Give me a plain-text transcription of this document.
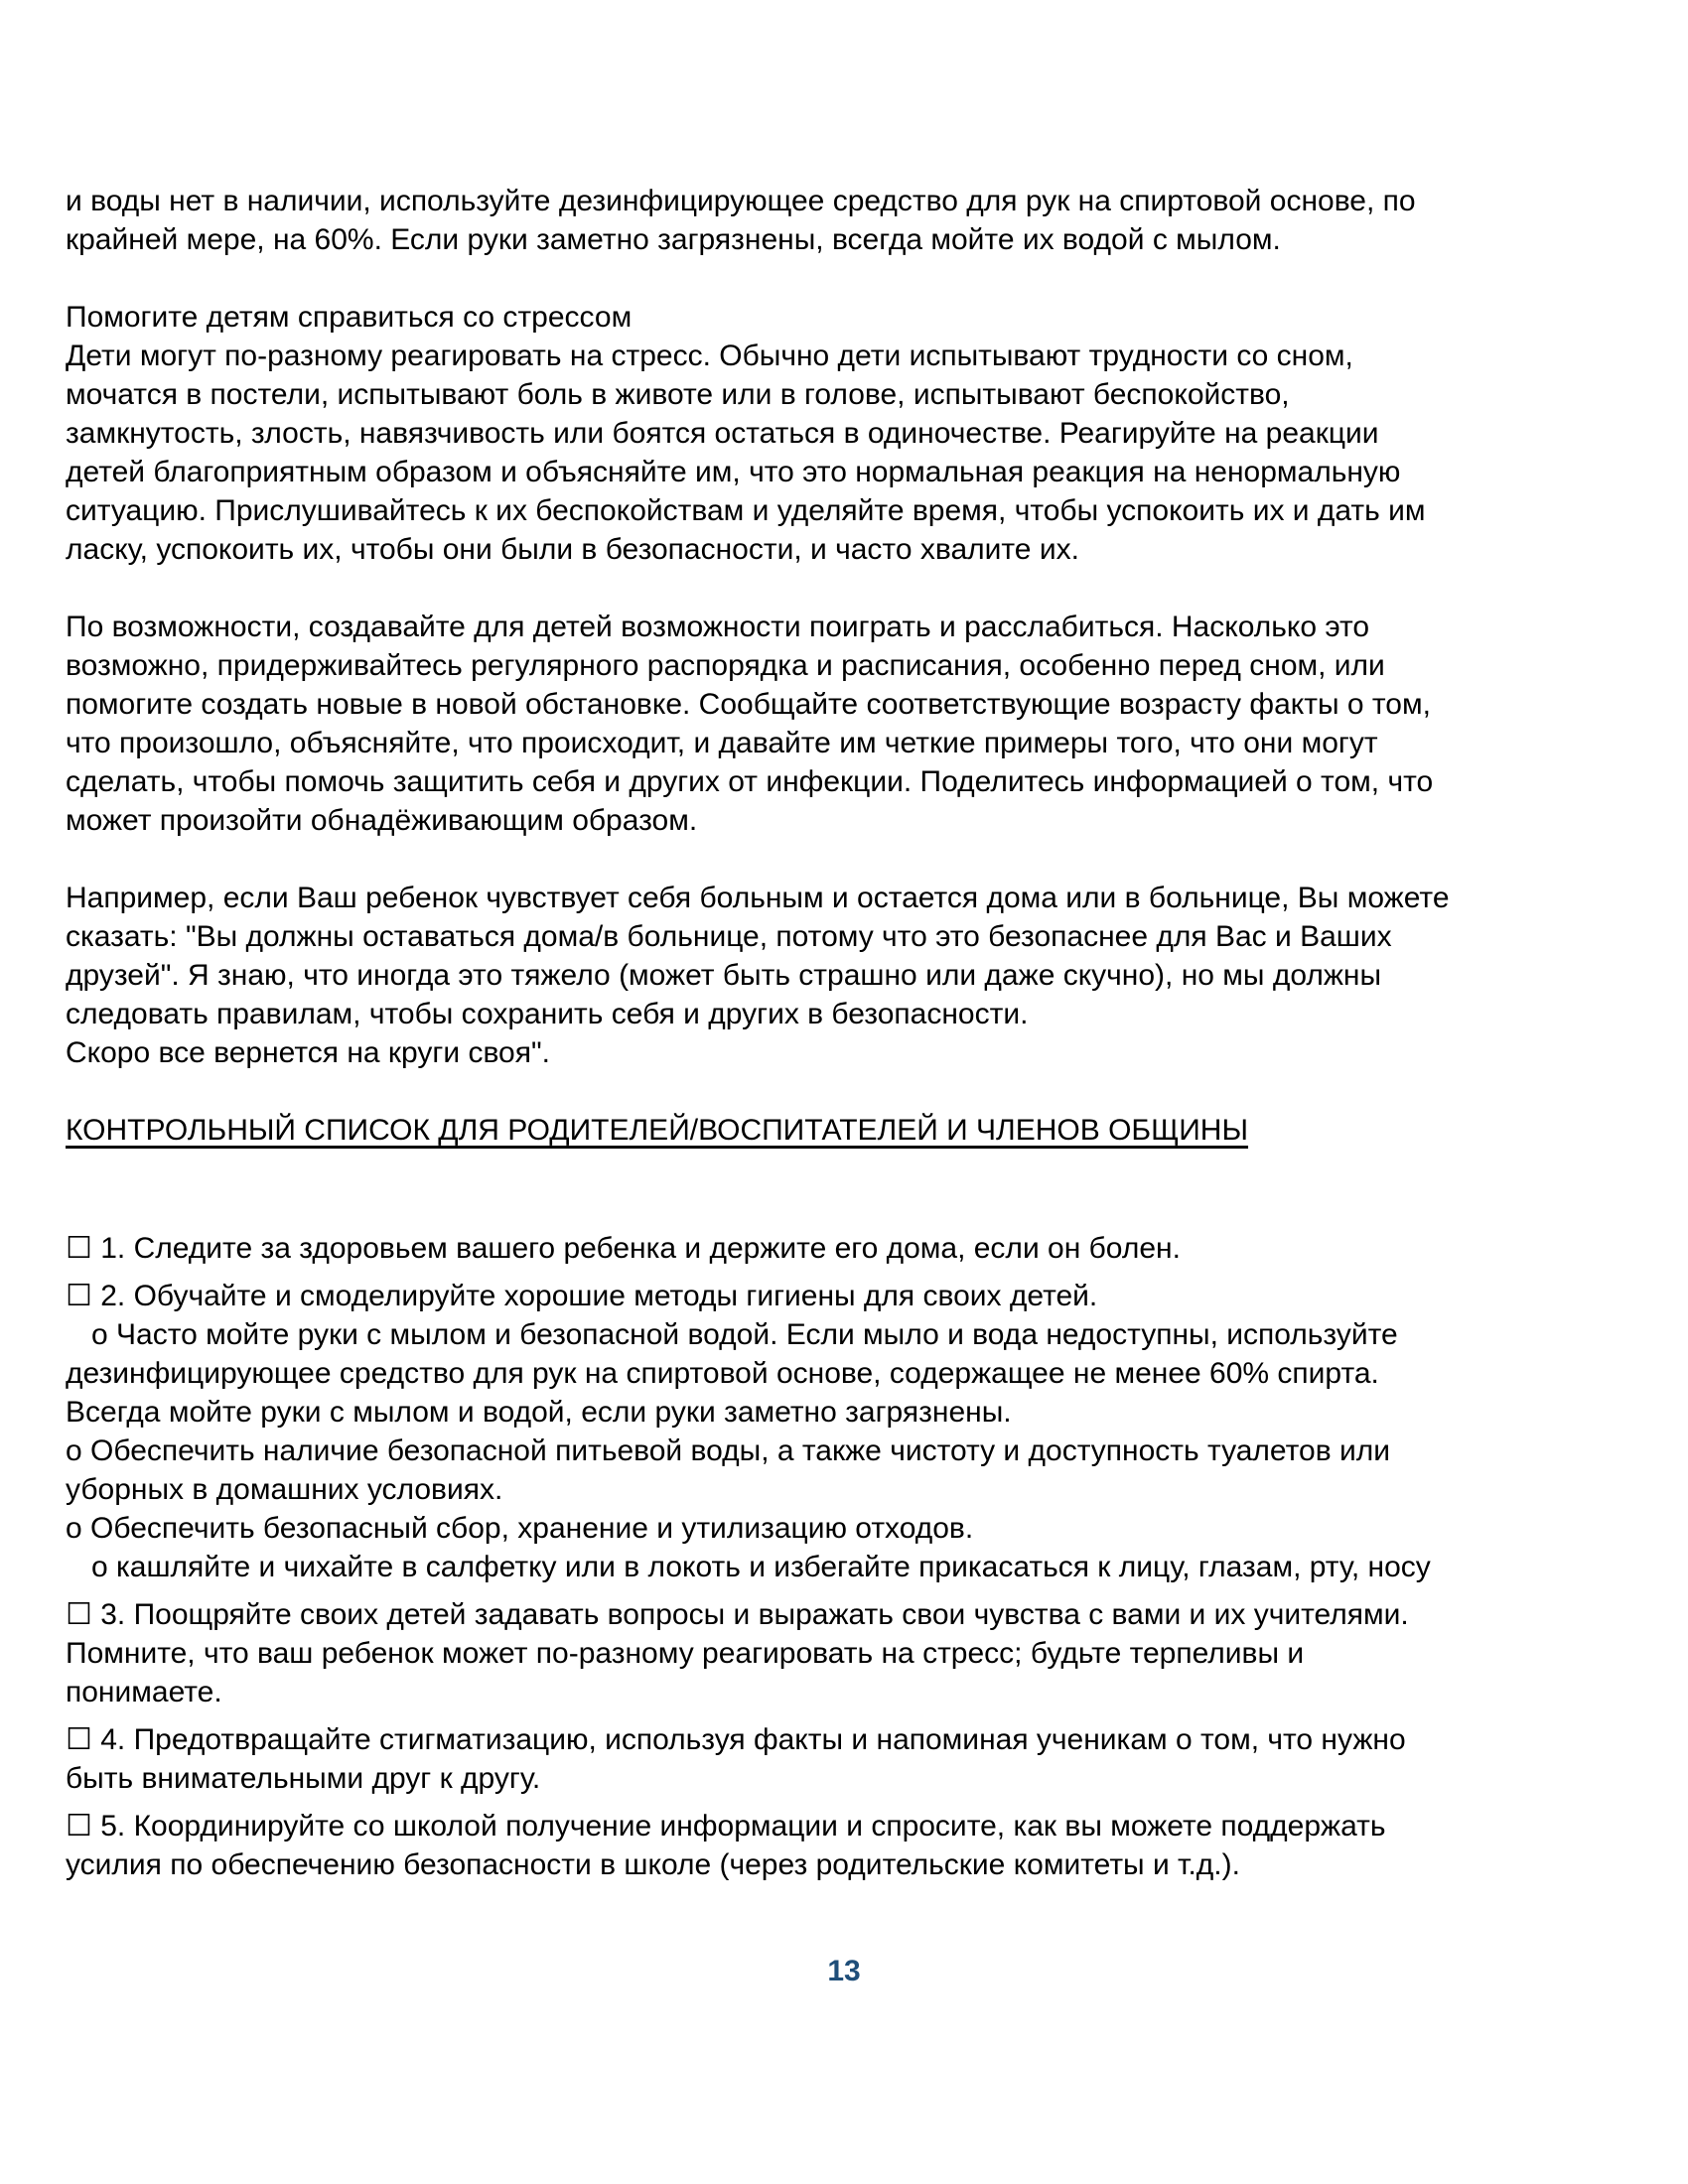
и воды нет в наличии, используйте дезинфицирующее средство для рук на спиртовой основе, по
крайней мере, на 60%. Если руки заметно загрязнены, всегда мойте их водой с мылом.
Помогите детям справиться со стрессом
Дети могут по-разному реагировать на стресс. Обычно дети испытывают трудности со сном,
мочатся в постели, испытывают боль в животе или в голове, испытывают беспокойство,
замкнутость, злость, навязчивость или боятся остаться в одиночестве. Реагируйте на реакции
детей благоприятным образом и объясняйте им, что это нормальная реакция на ненормальную
ситуацию. Прислушивайтесь к их беспокойствам и уделяйте время, чтобы успокоить их и дать им
ласку, успокоить их, чтобы они были в безопасности, и часто хвалите их.
По возможности, создавайте для детей возможности поиграть и расслабиться. Насколько это
возможно, придерживайтесь регулярного распорядка и расписания, особенно перед сном, или
помогите создать новые в новой обстановке. Сообщайте соответствующие возрасту факты о том,
что произошло, объясняйте, что происходит, и давайте им четкие примеры того, что они могут
сделать, чтобы помочь защитить себя и других от инфекции. Поделитесь информацией о том, что
может произойти обнадёживающим образом.
Например, если Ваш ребенок чувствует себя больным и остается дома или в больнице, Вы можете
сказать: "Вы должны оставаться дома/в больнице, потому что это безопаснее для Вас и Ваших
друзей". Я знаю, что иногда это тяжело (может быть страшно или даже скучно), но мы должны
следовать правилам, чтобы сохранить себя и других в безопасности.
Скоро все вернется на круги своя".
КОНТРОЛЬНЫЙ СПИСОК ДЛЯ РОДИТЕЛЕЙ/ВОСПИТАТЕЛЕЙ И ЧЛЕНОВ ОБЩИНЫ
☐ 1. Следите за здоровьем вашего ребенка и держите его дома, если он болен.
☐ 2. Обучайте и смоделируйте хорошие методы гигиены для своих детей.
о Часто мойте руки с мылом и безопасной водой. Если мыло и вода недоступны, используйте
дезинфицирующее средство для рук на спиртовой основе, содержащее не менее 60% спирта.
Всегда мойте руки с мылом и водой, если руки заметно загрязнены.
о Обеспечить наличие безопасной питьевой воды, а также чистоту и доступность туалетов или
уборных в домашних условиях.
о Обеспечить безопасный сбор, хранение и утилизацию отходов.
о кашляйте и чихайте в салфетку или в локоть и избегайте прикасаться к лицу, глазам, рту, носу
☐ 3. Поощряйте своих детей задавать вопросы и выражать свои чувства с вами и их учителями.
Помните, что ваш ребенок может по-разному реагировать на стресс; будьте терпеливы и
понимаете.
☐ 4. Предотвращайте стигматизацию, используя факты и напоминая ученикам о том, что нужно
быть внимательными друг к другу.
☐ 5. Координируйте со школой получение информации и спросите, как вы можете поддержать
усилия по обеспечению безопасности в школе (через родительские комитеты и т.д.).
13
